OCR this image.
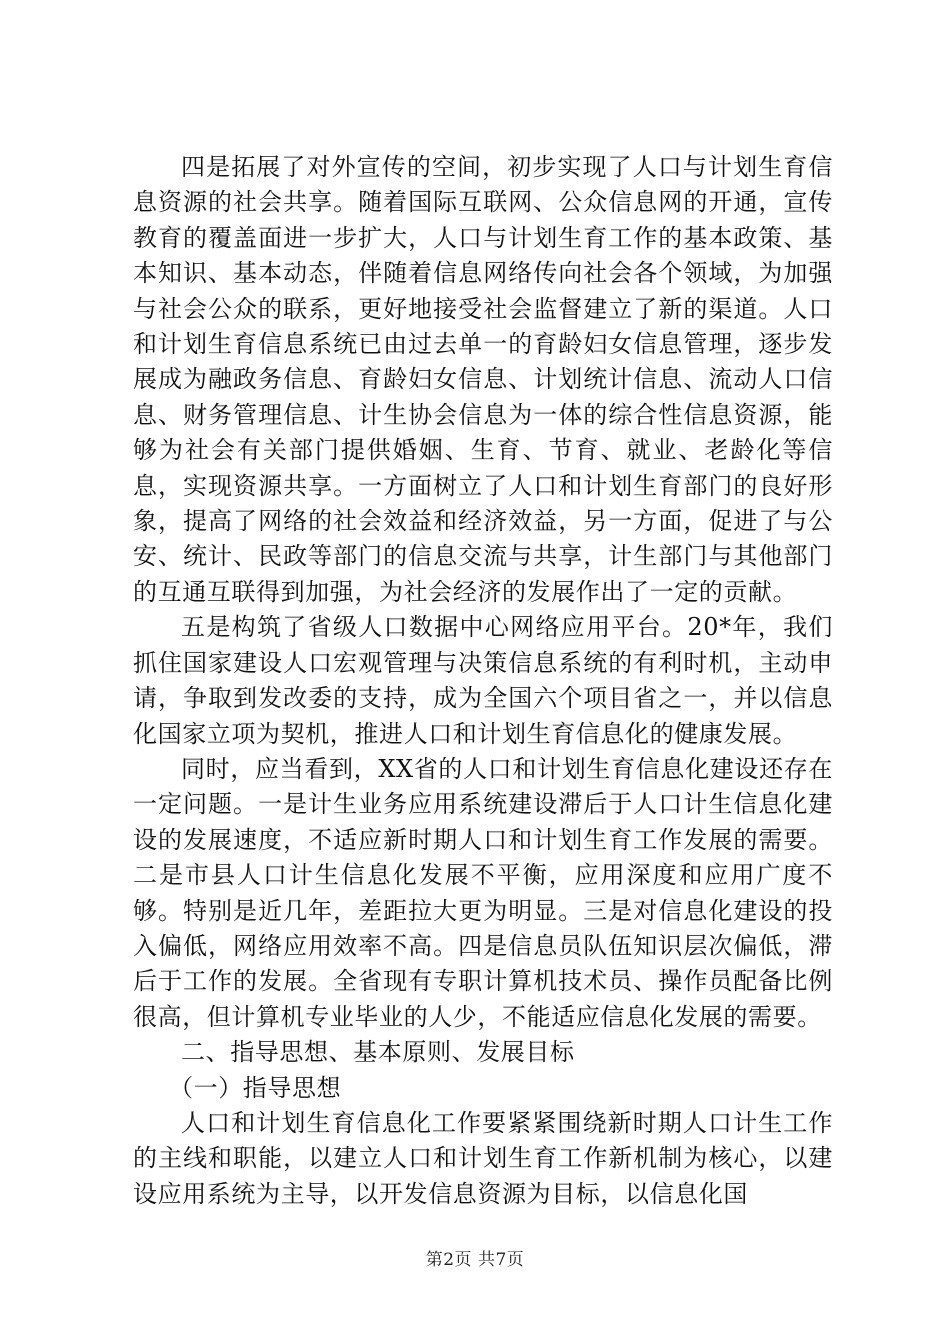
四是拓展了对外宣传的空间，初步实现了人口与计划生育信息资源的社会共享。随着国际互联网、公众信息网的开通，宣传教育的覆盖面进一步扩大，人口与计划生育工作的基本政策、基本知识、基本动态，伴随着信息网络传向社会各个领域，为加强与社会公众的联系，更好地接受社会监督建立了新的渠道。人口和计划生育信息系统已由过去单一的育龄妇女信息管理，逐步发展成为融政务信息、育龄妇女信息、计划统计信息、流动人口信息、财务管理信息、计生协会信息为一体的综合性信息资源，能够为社会有关部门提供婚姻、生育、节育、就业、老龄化等信息，实现资源共享。一方面树立了人口和计划生育部门的良好形象，提高了网络的社会效益和经济效益，另一方面，促进了与公安、统计、民政等部门的信息交流与共享，计生部门与其他部门的互通互联得到加强，为社会经济的发展作出了一定的贡献。

五是构筑了省级人口数据中心网络应用平台。20*年，我们抓住国家建设人口宏观管理与决策信息系统的有利时机，主动申请，争取到发改委的支持，成为全国六个项目省之一，并以信息化国家立项为契机，推进人口和计划生育信息化的健康发展。

同时，应当看到，XX省的人口和计划生育信息化建设还存在一定问题。一是计生业务应用系统建设滞后于人口计生信息化建设的发展速度，不适应新时期人口和计划生育工作发展的需要。二是市县人口计生信息化发展不平衡，应用深度和应用广度不够。特别是近几年，差距拉大更为明显。三是对信息化建设的投入偏低，网络应用效率不高。四是信息员队伍知识层次偏低，滞后于工作的发展。全省现有专职计算机技术员、操作员配备比例很高，但计算机专业毕业的人少，不能适应信息化发展的需要。

二、指导思想、基本原则、发展目标

（一）指导思想

人口和计划生育信息化工作要紧紧围绕新时期人口计生工作的主线和职能，以建立人口和计划生育工作新机制为核心，以建设应用系统为主导，以开发信息资源为目标，以信息化国

第2页 共7页
